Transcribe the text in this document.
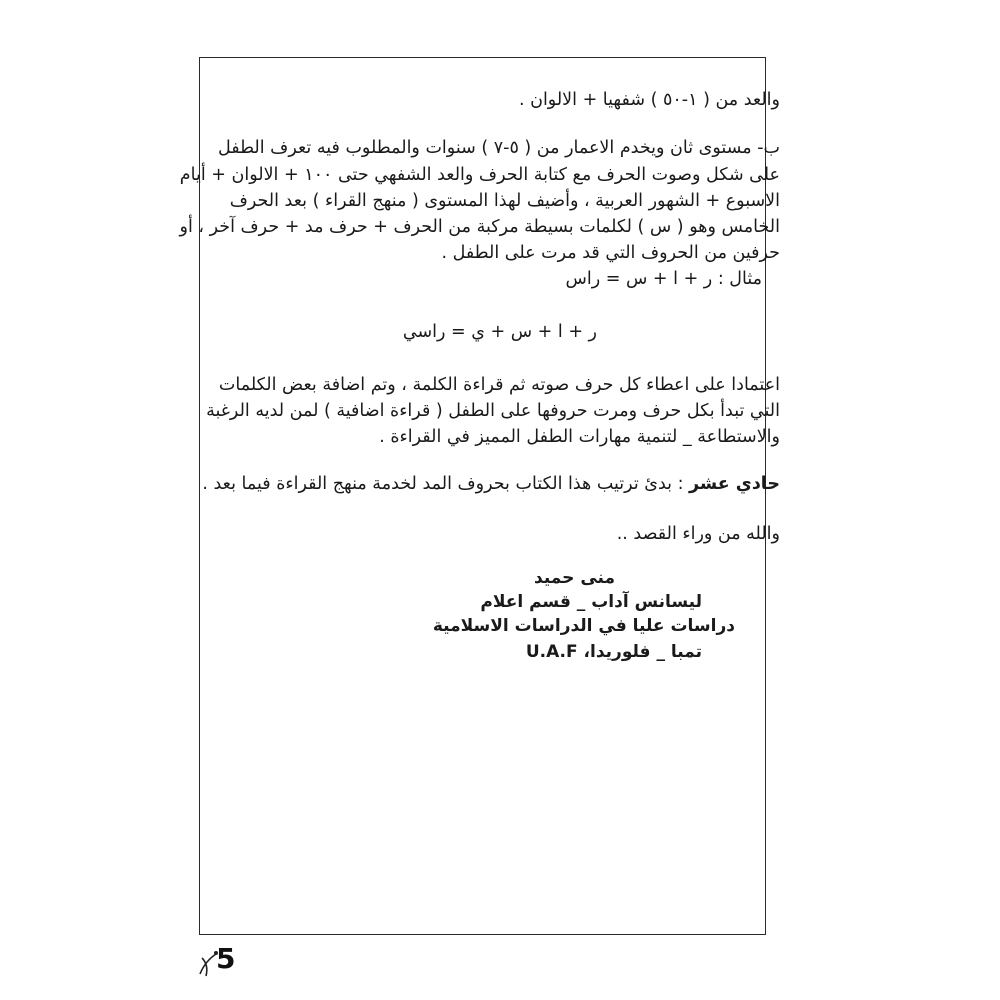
والعد من ( ١-٥٠ ) شفهيا + الالوان .
ب- مستوى ثان ويخدم الاعمار من ( ٥-٧ ) سنوات والمطلوب فيه تعرف الطفل
على شكل وصوت الحرف مع كتابة الحرف والعد الشفهي حتى ١٠٠ + الالوان + أيام
الاسبوع + الشهور العربية ، وأضيف لهذا المستوى ( منهج القراء ) بعد الحرف
الخامس وهو ( س ) لكلمات بسيطة مركبة من الحرف + حرف مد + حرف آخر ، أو
حرفين من الحروف التي قد مرت على الطفل .
مثال : ر + ا + س = راس
ر + ا + س + ي = راسي
اعتمادا على اعطاء كل حرف صوته ثم قراءة الكلمة ، وتم اضافة بعض الكلمات
التي تبدأ بكل حرف ومرت حروفها على الطفل ( قراءة اضافية ) لمن لديه الرغبة
والاستطاعة _ لتنمية مهارات الطفل المميز في القراءة .
حادي عشر : بدئ ترتيب هذا الكتاب بحروف المد لخدمة منهج القراءة فيما بعد .
والله من وراء القصد ..
منى حميد
ليسانس آداب _ قسم اعلام
دراسات عليا في الدراسات الاسلامية
تمبا _ فلوريدا، U.A.F
5
